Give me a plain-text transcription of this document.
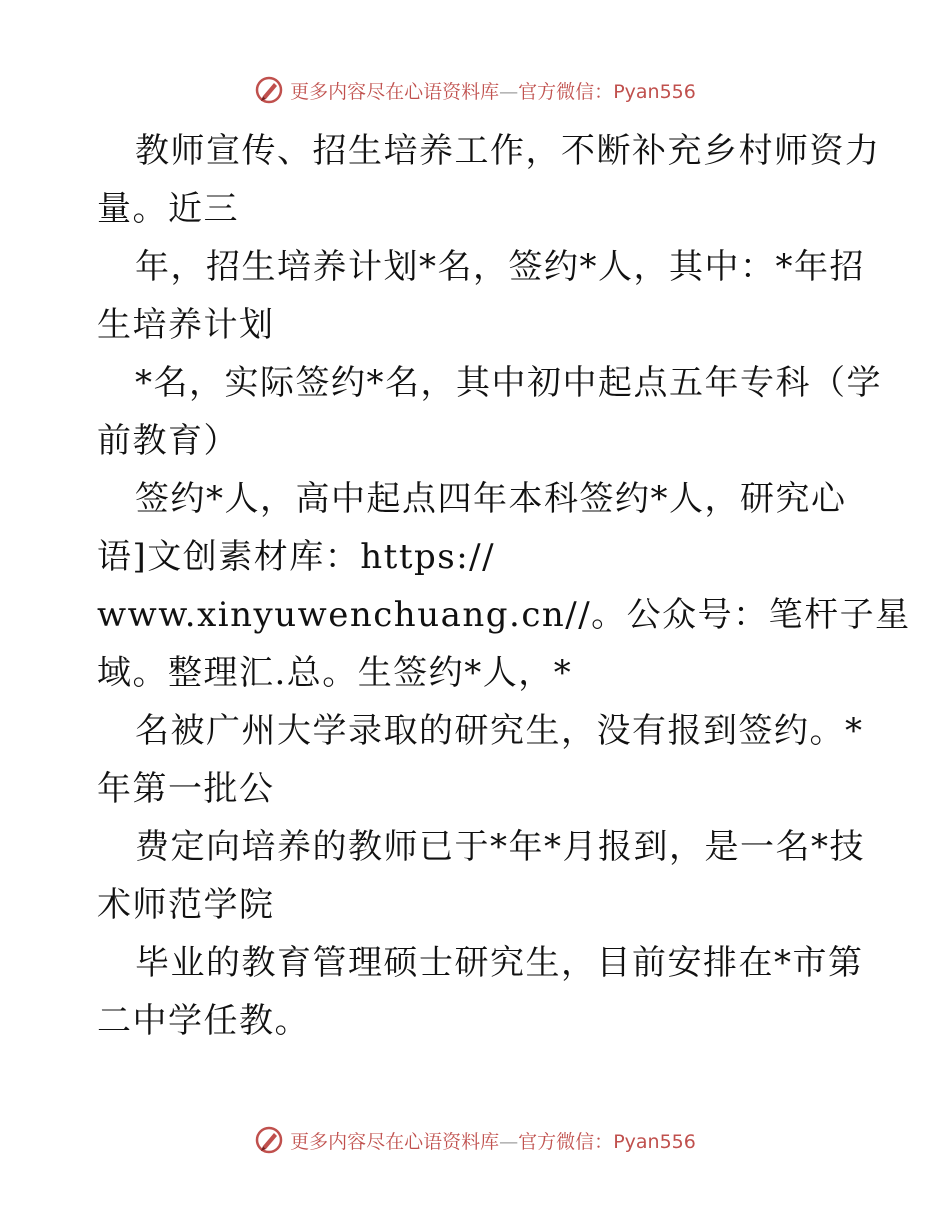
更多内容尽在心语资料库—官方微信：Pyan556
教师宣传、招生培养工作，不断补充乡村师资力
量。近三
年，招生培养计划*名，签约*人，其中：*年招
生培养计划
*名，实际签约*名，其中初中起点五年专科（学
前教育）
签约*人，高中起点四年本科签约*人，研究心
语]文创素材库：https://
www.xinyuwenchuang.cn//。公众号：笔杆子星
域。整理汇.总。生签约*人，*
名被广州大学录取的研究生，没有报到签约。*
年第一批公
费定向培养的教师已于*年*月报到，是一名*技
术师范学院
毕业的教育管理硕士研究生，目前安排在*市第
二中学任教。
更多内容尽在心语资料库—官方微信：Pyan556
